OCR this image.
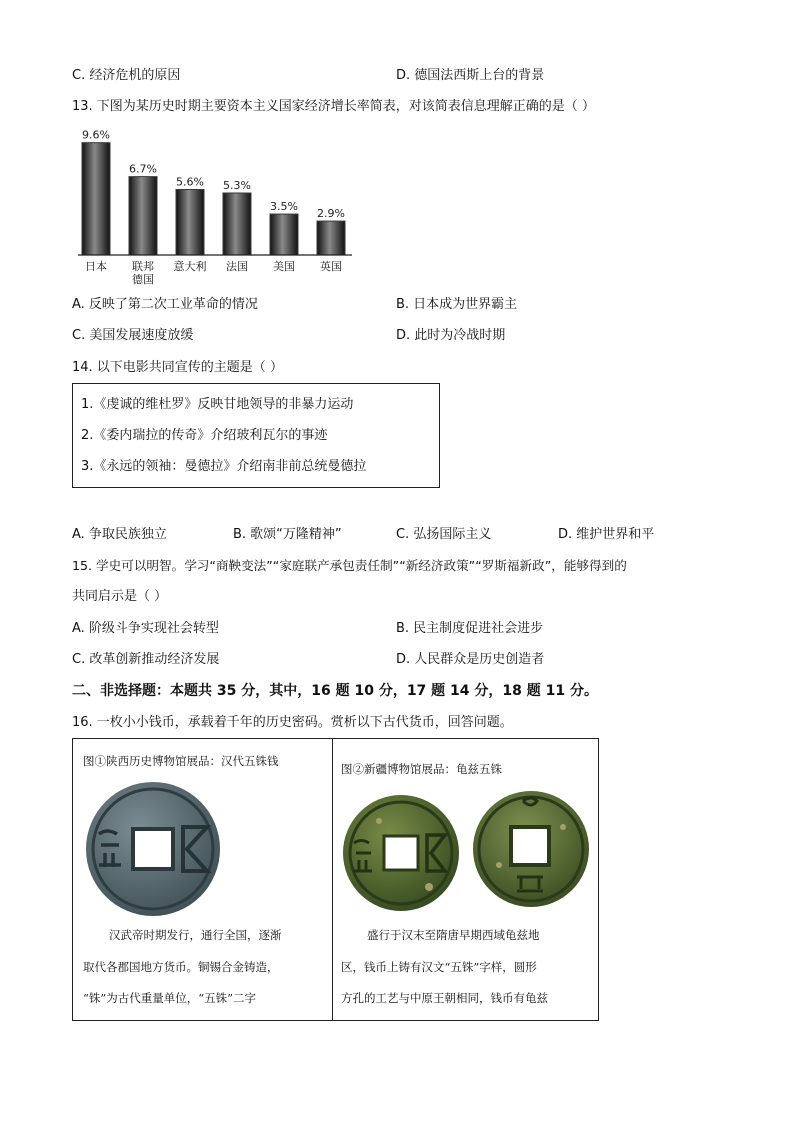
C. 经济危机的原因	D. 德国法西斯上台的背景
13. 下图为某历史时期主要资本主义国家经济增长率简表，对该简表信息理解正确的是（ ）
9.6%
6.7%
5.6% 5.3%
3.5%
2.9%
日本 联邦
德国
意大利 法国 美国 英国
A. 反映了第二次工业革命的情况	B. 日本成为世界霸主
C. 美国发展速度放缓	D. 此时为冷战时期
14. 以下电影共同宣传的主题是（ ）
1.《虔诚的维杜罗》反映甘地领导的非暴力运动
2.《委内瑞拉的传奇》介绍玻利瓦尔的事迹
3.《永远的领袖：曼德拉》介绍南非前总统曼德拉
A. 争取民族独立	B. 歌颂“万隆精神”	C. 弘扬国际主义	D. 维护世界和平
15. 学史可以明智。学习“商鞅变法”“家庭联产承包责任制”“新经济政策”“罗斯福新政”，能够得到的
共同启示是（ ）
A. 阶级斗争实现社会转型	B. 民主制度促进社会进步
C. 改革创新推动经济发展	D. 人民群众是历史创造者
二、非选择题：本题共 35 分，其中，16 题 10 分，17 题 14 分，18 题 11 分。
16. 一枚小小钱币，承载着千年的历史密码。赏析以下古代货币，回答问题。
图①陕西历史博物馆展品：汉代五铢钱
汉武帝时期发行，通行全国，逐渐
取代各郡国地方货币。铜锡合金铸造，
“铢”为古代重量单位，“五铢”二字
图②新疆博物馆展品：龟兹五铢
盛行于汉末至隋唐早期西域龟兹地
区，钱币上铸有汉文“五铢”字样，圆形
方孔的工艺与中原王朝相同，钱币有龟兹
